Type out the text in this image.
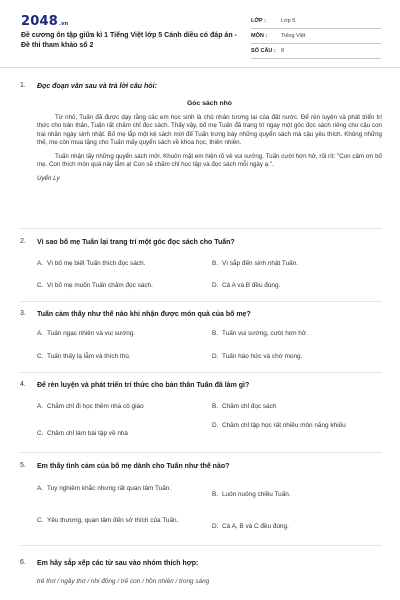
2048.vn
Đề cương ôn tập giữa kì 1 Tiếng Việt lớp 5 Cánh diều có đáp án - Đề thi tham khảo số 2
LỚP :	Lớp 5
MÔN :	Tiếng Việt
SỐ CÂU : 8
1. Đọc đoạn văn sau và trả lời câu hỏi:
Góc sách nhỏ

Từ nhỏ, Tuấn đã được dạy rằng các em học sinh là chủ nhân tương lai của đất nước. Để rèn luyện và phát triển trí thức cho bản thân, Tuấn rất chăm chỉ đọc sách. Thấy vậy, bố mẹ Tuấn đã trang trí ngay một góc đọc sách riêng cho cậu con trai nhân ngày sinh nhật. Bố mẹ lắp một kệ sách mới để Tuấn trưng bày những quyển sách mà cậu yêu thích. Không những thế, mẹ còn mua tặng cho Tuấn mấy quyển sách về khoa học, thiên nhiên.

Tuấn nhận lấy những quyển sách mới. Khuôn mặt em hiện rõ vẻ vui sướng. Tuấn cười hơn hở, rối rít: "Con cảm ơn bố mẹ. Con thích món quà này lắm ạ! Con sẽ chăm chỉ học tập và đọc sách mỗi ngày ạ.".

Uyển Ly

2. Vì sao bố mẹ Tuấn lại trang trí một góc đọc sách cho Tuấn?
A. Vì bố mẹ biết Tuấn thích đọc sách.	B. Vì sắp đến sinh nhật Tuấn.
C. Vì bố mẹ muốn Tuấn chăm đọc sách.	D. Cả A và B đều đúng.
3. Tuấn cảm thấy như thế nào khi nhận được món quà của bố mẹ?
A. Tuấn ngạc nhiên và vui sướng.	B. Tuấn vui sướng, cười hơn hở.
C. Tuấn thấy lạ lẫm và thích thú.	D. Tuấn háo hức và chờ mong.
4. Để rèn luyện và phát triển trí thức cho bản thân Tuấn đã làm gì?
A. Chăm chỉ đi học thêm nhà cô giáo	B. Chăm chỉ đọc sách
C. Chăm chỉ làm bài tập về nhà
D. Chăm chỉ tập học rất nhiều môn năng khiếu
5. Em thấy tình cảm của bố mẹ dành cho Tuấn như thế nào?
A. Tuy nghiêm khắc nhưng rất quan tâm Tuấn.
B. Luôn nuông chiều Tuấn.
C. Yêu thương, quan tâm đến sở thích của Tuấn.
D. Cả A, B và C đều đúng.
6. Em hãy sắp xếp các từ sau vào nhóm thích hợp:
trẻ thơ / ngây thơ / nhi đồng / trẻ con / hồn nhiên / trong sáng
